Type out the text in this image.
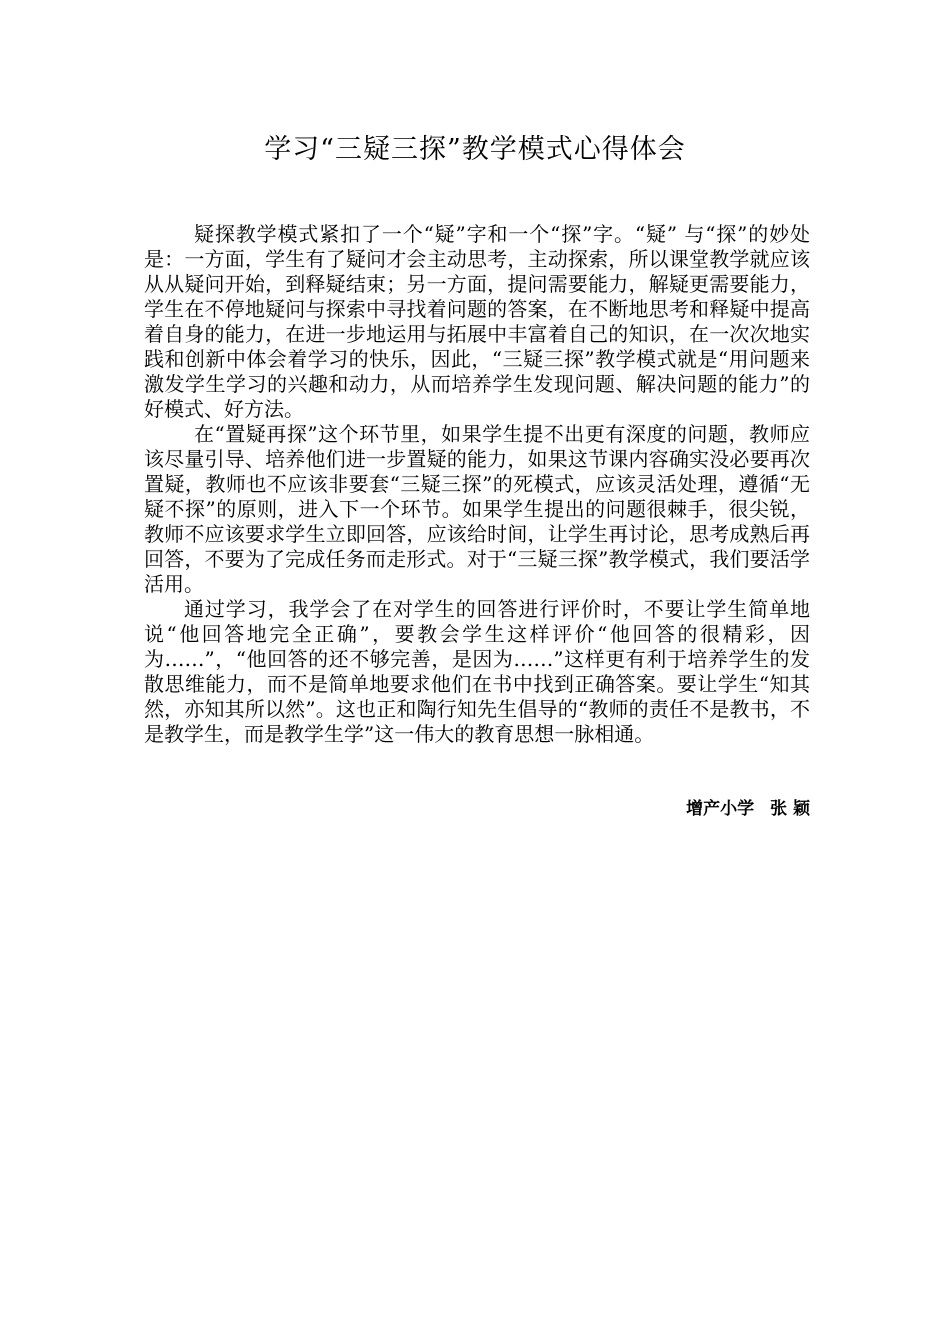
学习“三疑三探”教学模式心得体会

疑探教学模式紧扣了一个“疑”字和一个“探”字。“疑” 与“探”的妙处是：一方面，学生有了疑问才会主动思考，主动探索，所以课堂教学就应该从从疑问开始，到释疑结束；另一方面，提问需要能力，解疑更需要能力，学生在不停地疑问与探索中寻找着问题的答案，在不断地思考和释疑中提高着自身的能力，在进一步地运用与拓展中丰富着自己的知识，在一次次地实践和创新中体会着学习的快乐，因此，“三疑三探”教学模式就是“用问题来激发学生学习的兴趣和动力，从而培养学生发现问题、解决问题的能力”的好模式、好方法。

在“置疑再探”这个环节里，如果学生提不出更有深度的问题，教师应该尽量引导、培养他们进一步置疑的能力，如果这节课内容确实没必要再次置疑，教师也不应该非要套“三疑三探”的死模式，应该灵活处理，遵循“无疑不探”的原则，进入下一个环节。如果学生提出的问题很棘手，很尖锐，教师不应该要求学生立即回答，应该给时间，让学生再讨论，思考成熟后再回答，不要为了完成任务而走形式。对于“三疑三探”教学模式，我们要活学活用。

通过学习，我学会了在对学生的回答进行评价时，不要让学生简单地说“他回答地完全正确”，要教会学生这样评价“他回答的很精彩，因为……”，“他回答的还不够完善，是因为……”这样更有利于培养学生的发散思维能力，而不是简单地要求他们在书中找到正确答案。要让学生“知其然，亦知其所以然”。这也正和陶行知先生倡导的“教师的责任不是教书，不是教学生，而是教学生学”这一伟大的教育思想一脉相通。

增产小学 张 颖
